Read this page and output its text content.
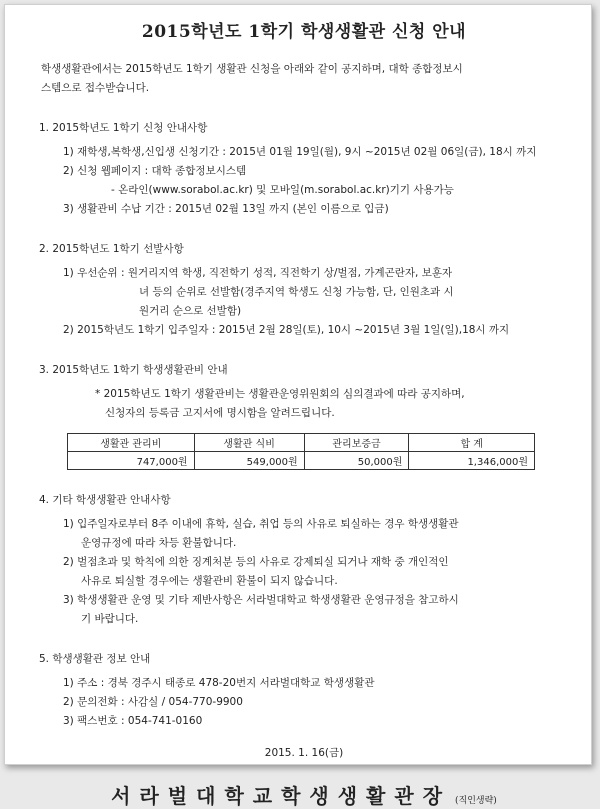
2015학년도 1학기 학생생활관 신청 안내
학생생활관에서는 2015학년도 1학기 생활관 신청을 아래와 같이 공지하며, 대학 종합정보시
스템으로 접수받습니다.
1. 2015학년도 1학기 신청 안내사항
1) 재학생,복학생,신입생 신청기간 : 2015년 01월 19일(월), 9시 ~2015년 02월 06일(금), 18시 까지
2) 신청 웹페이지 : 대학 종합정보시스템
- 온라인(www.sorabol.ac.kr) 및 모바일(m.sorabol.ac.kr)기기 사용가능
3) 생활관비 수납 기간 : 2015년 02월 13일 까지 (본인 이름으로 입금)
2. 2015학년도 1학기 선발사항
1) 우선순위 : 원거리지역 학생, 직전학기 성적, 직전학기 상/벌점, 가계곤란자, 보훈자
녀 등의 순위로 선발함(경주지역 학생도 신청 가능함, 단, 인원초과 시
원거리 순으로 선발함)
2) 2015학년도 1학기 입주일자 : 2015년 2월 28일(토), 10시 ~2015년 3월 1일(일),18시 까지
3. 2015학년도 1학기 학생생활관비 안내
* 2015학년도 1학기 생활관비는 생활관운영위원회의 심의결과에 따라 공지하며,
신청자의 등록금 고지서에 명시함을 알려드립니다.
생활관 관리비	생활관 식비	관리보증금	합 계
747,000원	549,000원	50,000원	1,346,000원
4. 기타 학생생활관 안내사항
1) 입주일자로부터 8주 이내에 휴학, 실습, 취업 등의 사유로 퇴실하는 경우 학생생활관
운영규정에 따라 차등 환불합니다.
2) 벌점초과 및 학칙에 의한 징계처분 등의 사유로 강제퇴실 되거나 재학 중 개인적인
사유로 퇴실할 경우에는 생활관비 환불이 되지 않습니다.
3) 학생생활관 운영 및 기타 제반사항은 서라벌대학교 학생생활관 운영규정을 참고하시
기 바랍니다.
5. 학생생활관 정보 안내
1) 주소 : 경북 경주시 태종로 478-20번지 서라벌대학교 학생생활관
2) 문의전화 : 사감실 / 054-770-9900
3) 팩스번호 : 054-741-0160
2015. 1. 16(금)
서라벌대학교학생생활관장 (직인생략)
